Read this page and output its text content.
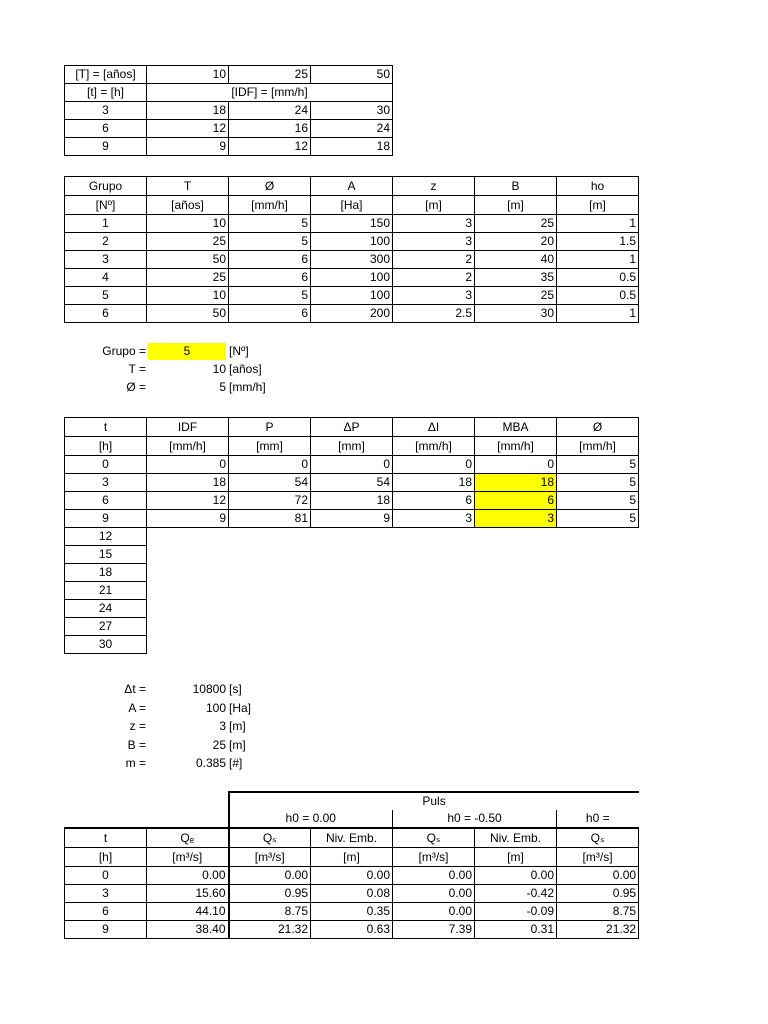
[T] = [años]	10	25	50
[t] = [h]	[IDF] = [mm/h]		
3	18	24	30
6	12	16	24
9	9	12	18
Grupo	T	Ø	A	z	B	ho
[Nº]	[años]	[mm/h]	[Ha]	[m]	[m]	[m]
1	10	5	150	3	25	1
2	25	5	100	3	20	1.5
3	50	6	300	2	40	1
4	25	6	100	2	35	0.5
5	10	5	100	3	25	0.5
6	50	6	200	2.5	30	1
Grupo =	5	[Nº]
T =	10 [años]
Ø =	5 [mm/h]
t	IDF	P	ΔP	ΔI	MBA	Ø
[h]	[mm/h]	[mm]	[mm]	[mm/h]	[mm/h]	[mm/h]
0	0	0	0	0	0	5
3	18	54	54	18	18	5
6	12	72	18	6	6	5
9	9	81	9	3	3	5
12						
15						
18						
21						
24						
27						
30						
Δt =	10800 [s]
A =	100 [Ha]
z =	3 [m]
B =	25 [m]
m =	0.385 [#]
		Puls				
		h0 = 0.00		h0 = -0.50		h0 =
t	Qₑ	Qₛ	Niv. Emb.	Qₛ	Niv. Emb.	Qₛ
[h]	[m³/s]	[m³/s]	[m]	[m³/s]	[m]	[m³/s]
0	0.00	0.00	0.00	0.00	0.00	0.00
3	15.60	0.95	0.08	0.00	-0.42	0.95
6	44.10	8.75	0.35	0.00	-0.09	8.75
9	38.40	21.32	0.63	7.39	0.31	21.32
